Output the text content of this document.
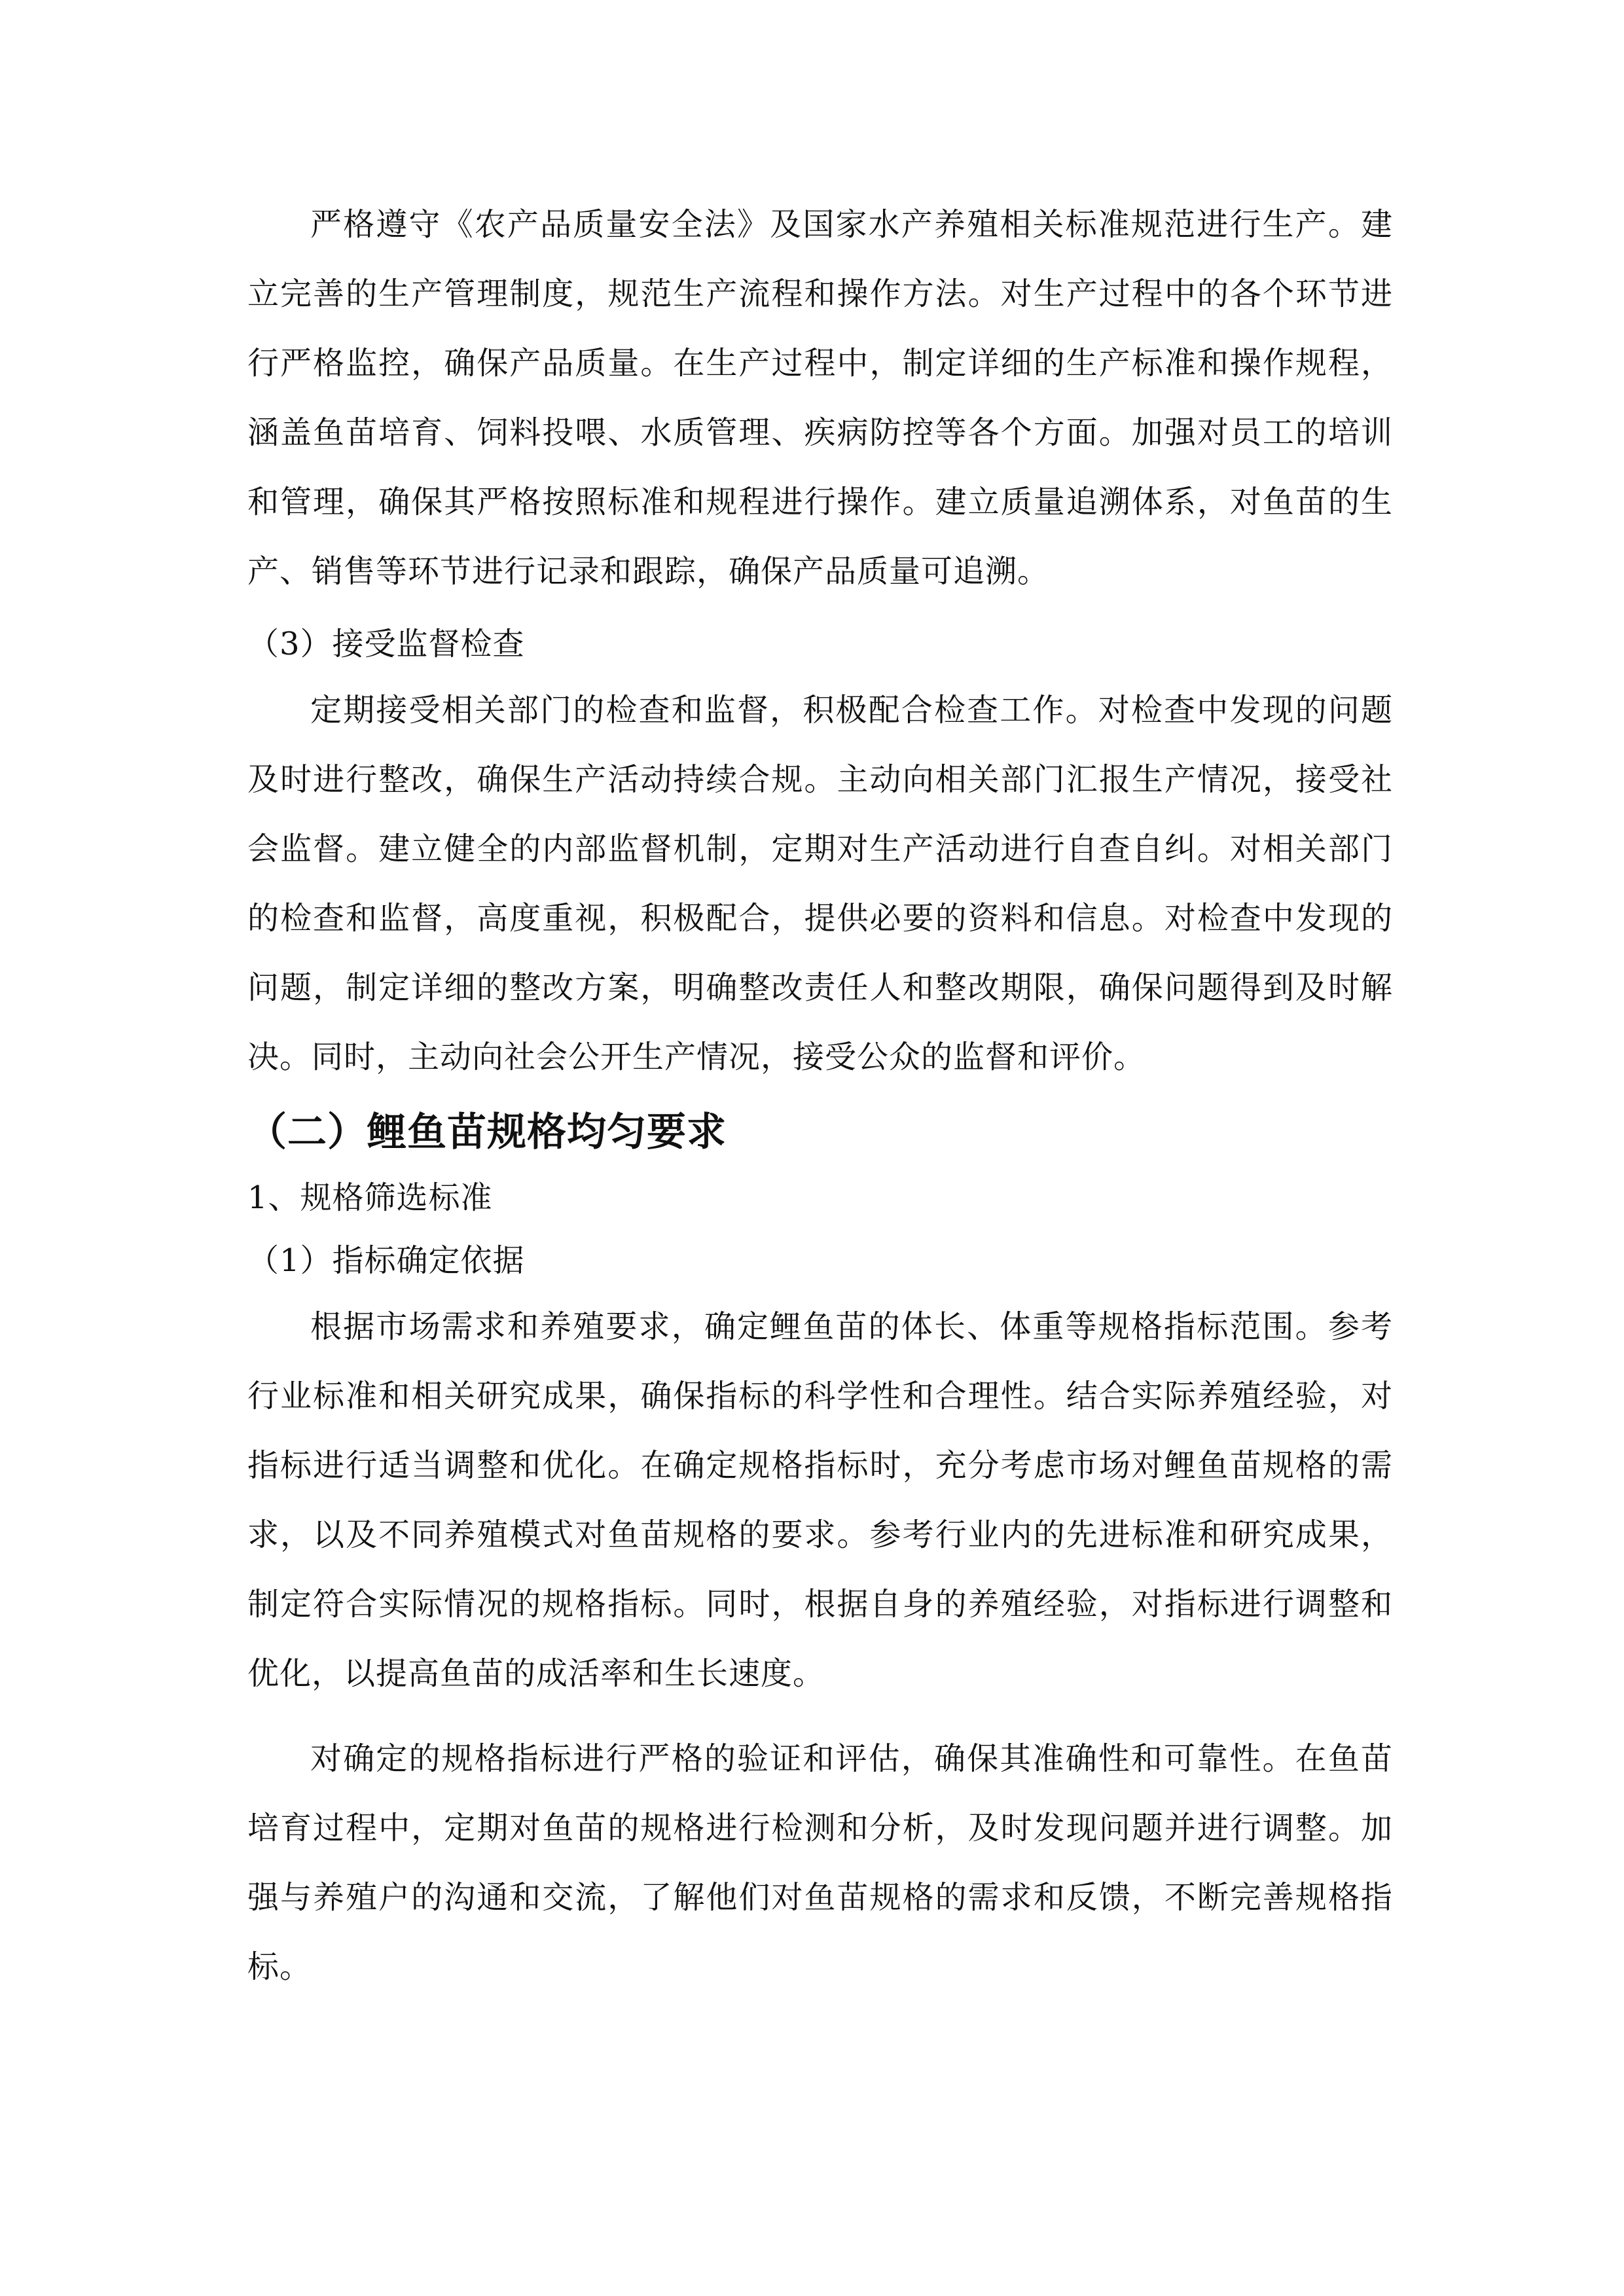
严格遵守《农产品质量安全法》及国家水产养殖相关标准规范进行生产。建立完善的生产管理制度，规范生产流程和操作方法。对生产过程中的各个环节进行严格监控，确保产品质量。在生产过程中，制定详细的生产标准和操作规程，涵盖鱼苗培育、饲料投喂、水质管理、疾病防控等各个方面。加强对员工的培训和管理，确保其严格按照标准和规程进行操作。建立质量追溯体系，对鱼苗的生产、销售等环节进行记录和跟踪，确保产品质量可追溯。

（3）接受监督检查

定期接受相关部门的检查和监督，积极配合检查工作。对检查中发现的问题及时进行整改，确保生产活动持续合规。主动向相关部门汇报生产情况，接受社会监督。建立健全的内部监督机制，定期对生产活动进行自查自纠。对相关部门的检查和监督，高度重视，积极配合，提供必要的资料和信息。对检查中发现的问题，制定详细的整改方案，明确整改责任人和整改期限，确保问题得到及时解决。同时，主动向社会公开生产情况，接受公众的监督和评价。

（二）鲤鱼苗规格均匀要求

1、规格筛选标准

（1）指标确定依据

根据市场需求和养殖要求，确定鲤鱼苗的体长、体重等规格指标范围。参考行业标准和相关研究成果，确保指标的科学性和合理性。结合实际养殖经验，对指标进行适当调整和优化。在确定规格指标时，充分考虑市场对鲤鱼苗规格的需求，以及不同养殖模式对鱼苗规格的要求。参考行业内的先进标准和研究成果，制定符合实际情况的规格指标。同时，根据自身的养殖经验，对指标进行调整和优化，以提高鱼苗的成活率和生长速度。

对确定的规格指标进行严格的验证和评估，确保其准确性和可靠性。在鱼苗培育过程中，定期对鱼苗的规格进行检测和分析，及时发现问题并进行调整。加强与养殖户的沟通和交流，了解他们对鱼苗规格的需求和反馈，不断完善规格指标。
